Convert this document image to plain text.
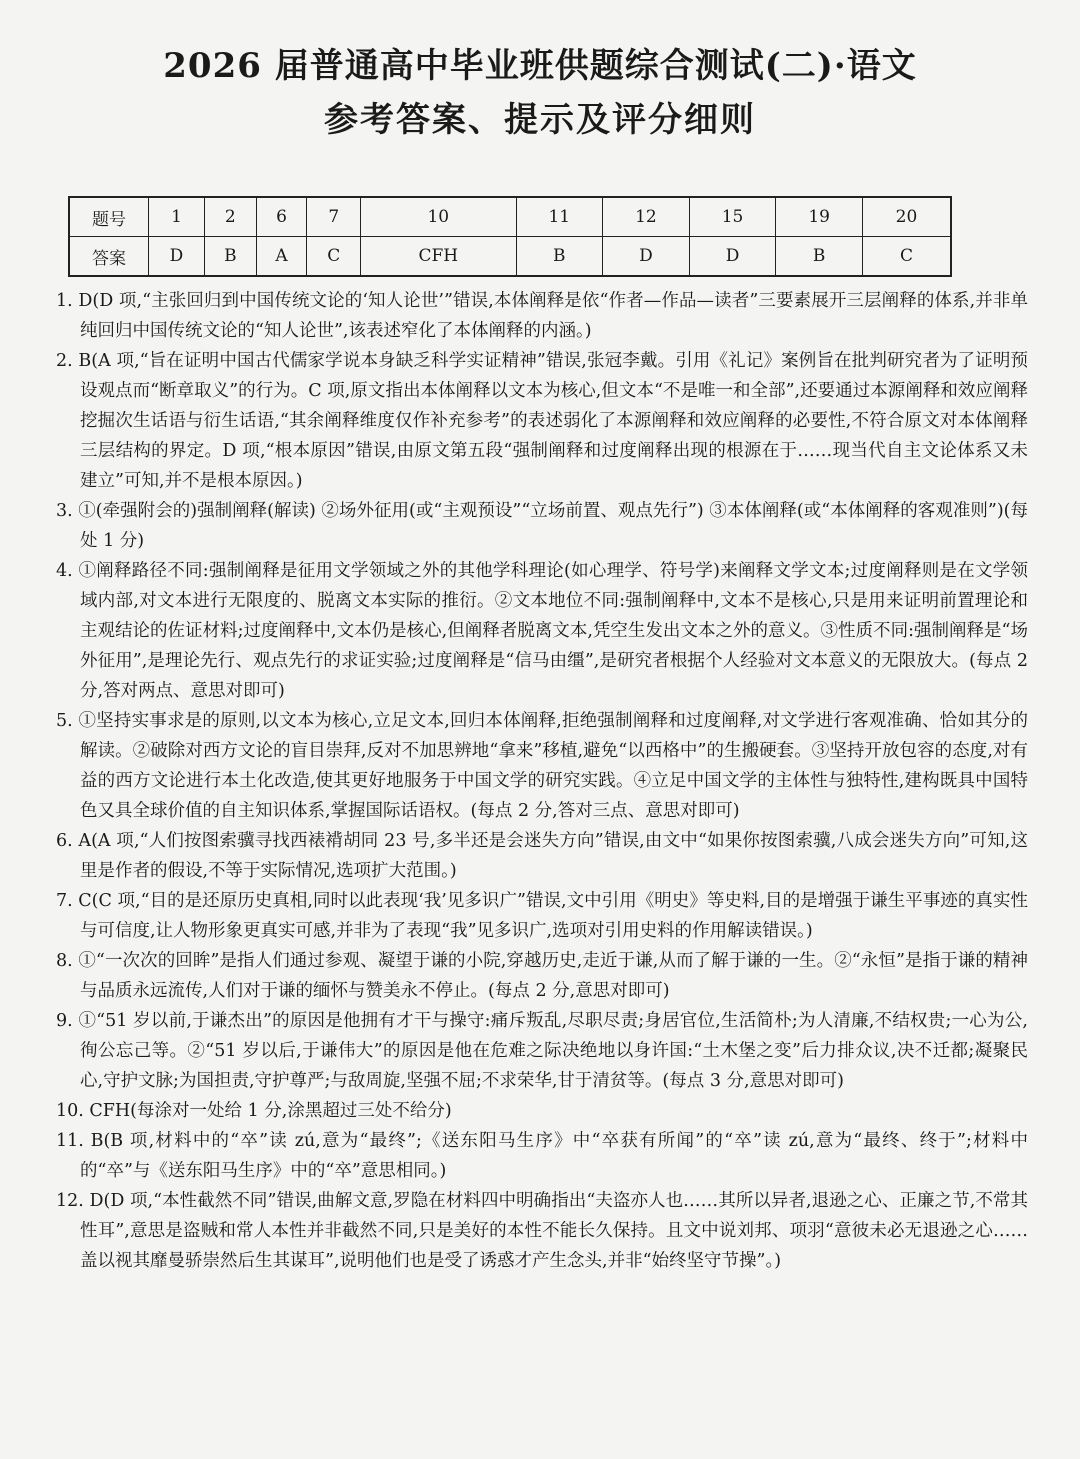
2026 届普通高中毕业班供题综合测试(二)·语文
参考答案、提示及评分细则
题号	1	2	6	7	10	11	12	15	19	20
答案	D	B	A	C	CFH	B	D	D	B	C

1. D(D 项,“主张回归到中国传统文论的‘知人论世’”错误,本体阐释是依“作者—作品—读者”三要素展开三层阐释的体系,并非单纯回归中国传统文论的“知人论世”,该表述窄化了本体阐释的内涵。)

2. B(A 项,“旨在证明中国古代儒家学说本身缺乏科学实证精神”错误,张冠李戴。引用《礼记》案例旨在批判研究者为了证明预设观点而“断章取义”的行为。C 项,原文指出本体阐释以文本为核心,但文本“不是唯一和全部”,还要通过本源阐释和效应阐释挖掘次生话语与衍生话语,“其余阐释维度仅作补充参考”的表述弱化了本源阐释和效应阐释的必要性,不符合原文对本体阐释三层结构的界定。D 项,“根本原因”错误,由原文第五段“强制阐释和过度阐释出现的根源在于……现当代自主文论体系又未建立”可知,并不是根本原因。)

3. ①(牵强附会的)强制阐释(解读) ②场外征用(或“主观预设”“立场前置、观点先行”) ③本体阐释(或“本体阐释的客观准则”)(每处 1 分)

4. ①阐释路径不同:强制阐释是征用文学领域之外的其他学科理论(如心理学、符号学)来阐释文学文本;过度阐释则是在文学领域内部,对文本进行无限度的、脱离文本实际的推衍。②文本地位不同:强制阐释中,文本不是核心,只是用来证明前置理论和主观结论的佐证材料;过度阐释中,文本仍是核心,但阐释者脱离文本,凭空生发出文本之外的意义。③性质不同:强制阐释是“场外征用”,是理论先行、观点先行的求证实验;过度阐释是“信马由缰”,是研究者根据个人经验对文本意义的无限放大。(每点 2 分,答对两点、意思对即可)

5. ①坚持实事求是的原则,以文本为核心,立足文本,回归本体阐释,拒绝强制阐释和过度阐释,对文学进行客观准确、恰如其分的解读。②破除对西方文论的盲目崇拜,反对不加思辨地“拿来”移植,避免“以西格中”的生搬硬套。③坚持开放包容的态度,对有益的西方文论进行本土化改造,使其更好地服务于中国文学的研究实践。④立足中国文学的主体性与独特性,建构既具中国特色又具全球价值的自主知识体系,掌握国际话语权。(每点 2 分,答对三点、意思对即可)

6. A(A 项,“人们按图索骥寻找西裱褙胡同 23 号,多半还是会迷失方向”错误,由文中“如果你按图索骥,八成会迷失方向”可知,这里是作者的假设,不等于实际情况,选项扩大范围。)

7. C(C 项,“目的是还原历史真相,同时以此表现‘我’见多识广”错误,文中引用《明史》等史料,目的是增强于谦生平事迹的真实性与可信度,让人物形象更真实可感,并非为了表现“我”见多识广,选项对引用史料的作用解读错误。)

8. ①“一次次的回眸”是指人们通过参观、凝望于谦的小院,穿越历史,走近于谦,从而了解于谦的一生。②“永恒”是指于谦的精神与品质永远流传,人们对于谦的缅怀与赞美永不停止。(每点 2 分,意思对即可)

9. ①“51 岁以前,于谦杰出”的原因是他拥有才干与操守:痛斥叛乱,尽职尽责;身居官位,生活简朴;为人清廉,不结权贵;一心为公,徇公忘己等。②“51 岁以后,于谦伟大”的原因是他在危难之际决绝地以身许国:“土木堡之变”后力排众议,决不迁都;凝聚民心,守护文脉;为国担责,守护尊严;与敌周旋,坚强不屈;不求荣华,甘于清贫等。(每点 3 分,意思对即可)

10. CFH(每涂对一处给 1 分,涂黑超过三处不给分)

11. B(B 项,材料中的“卒”读 zú,意为“最终”;《送东阳马生序》中“卒获有所闻”的“卒”读 zú,意为“最终、终于”;材料中的“卒”与《送东阳马生序》中的“卒”意思相同。)

12. D(D 项,“本性截然不同”错误,曲解文意,罗隐在材料四中明确指出“夫盗亦人也……其所以异者,退逊之心、正廉之节,不常其性耳”,意思是盗贼和常人本性并非截然不同,只是美好的本性不能长久保持。且文中说刘邦、项羽“意彼未必无退逊之心……盖以视其靡曼骄崇然后生其谋耳”,说明他们也是受了诱惑才产生念头,并非“始终坚守节操”。)
